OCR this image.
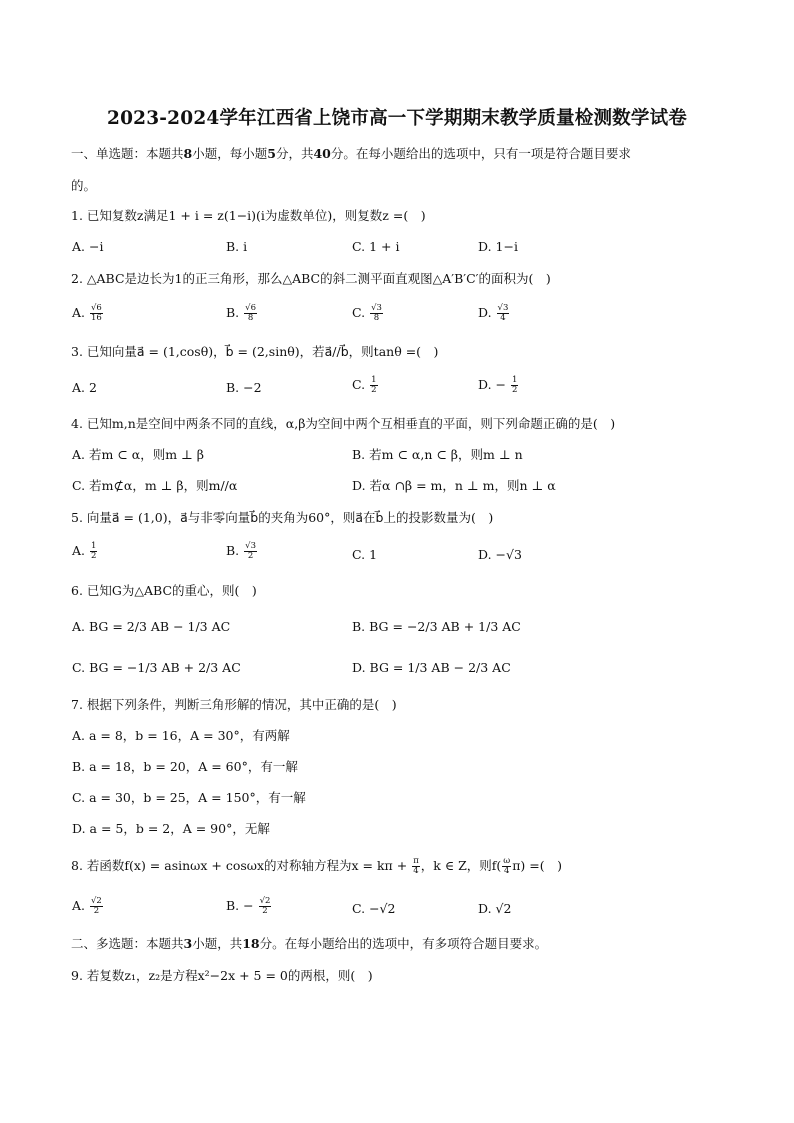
2023-2024学年江西省上饶市高一下学期期末教学质量检测数学试卷
一、单选题：本题共8小题，每小题5分，共40分。在每小题给出的选项中，只有一项是符合题目要求
的。
1. 已知复数z满足1 + i = z(1−i)(i为虚数单位)，则复数z =(　)
A. −i	B. i	C. 1 + i	D. 1−i
2. △ABC是边长为1的正三角形，那么△ABC的斜二测平面直观图△A′B′C′的面积为(　)
A. $\frac{√6}{16}$	B. $\frac{√6}{8}$	C. $\frac{√3}{8}$	D. $\frac{√3}{4}$
3. 已知向量a⃗ = (1,cosθ)，b⃗ = (2,sinθ)，若a⃗//b⃗，则tanθ =(　)
A. 2	B. −2	C. $\frac{1}{2}$	D. − $\frac{1}{2}$
4. 已知m,n是空间中两条不同的直线，α,β为空间中两个互相垂直的平面，则下列命题正确的是(　)
A. 若m ⊂ α，则m ⊥ β	B. 若m ⊂ α,n ⊂ β，则m ⊥ n
C. 若m⊄α，m ⊥ β，则m//α	D. 若α ∩β = m，n ⊥ m，则n ⊥ α
5. 向量a⃗ = (1,0)，a⃗与非零向量b⃗的夹角为60°，则a⃗在b⃗上的投影数量为(　)
A. $\frac{1}{2}$	B. $\frac{√3}{2}$	C. 1	D. −√3
6. 已知G为△ABC的重心，则(　)
A. BG = 2/3 AB − 1/3 AC	B. BG = −2/3 AB + 1/3 AC
C. BG = −1/3 AB + 2/3 AC	D. BG = 1/3 AB − 2/3 AC
7. 根据下列条件，判断三角形解的情况，其中正确的是(　)
A. a = 8，b = 16，A = 30°，有两解
B. a = 18，b = 20，A = 60°，有一解
C. a = 30，b = 25，A = 150°，有一解
D. a = 5，b = 2，A = 90°，无解
8. 若函数f(x) = asinωx + cosωx的对称轴方程为$x = k\pi + \frac{\pi}{4}$ ，k ∈ Z，则$f( \frac{\omega}{4} \pi)$ =(　)
A. $\frac{√2}{2}$	B. − $\frac{√2}{2}$	C. −√2	D. √2
二、多选题：本题共3小题，共18分。在每小题给出的选项中，有多项符合题目要求。
9. 若复数z₁，z₂是方程x²−2x + 5 = 0的两根，则(　)
